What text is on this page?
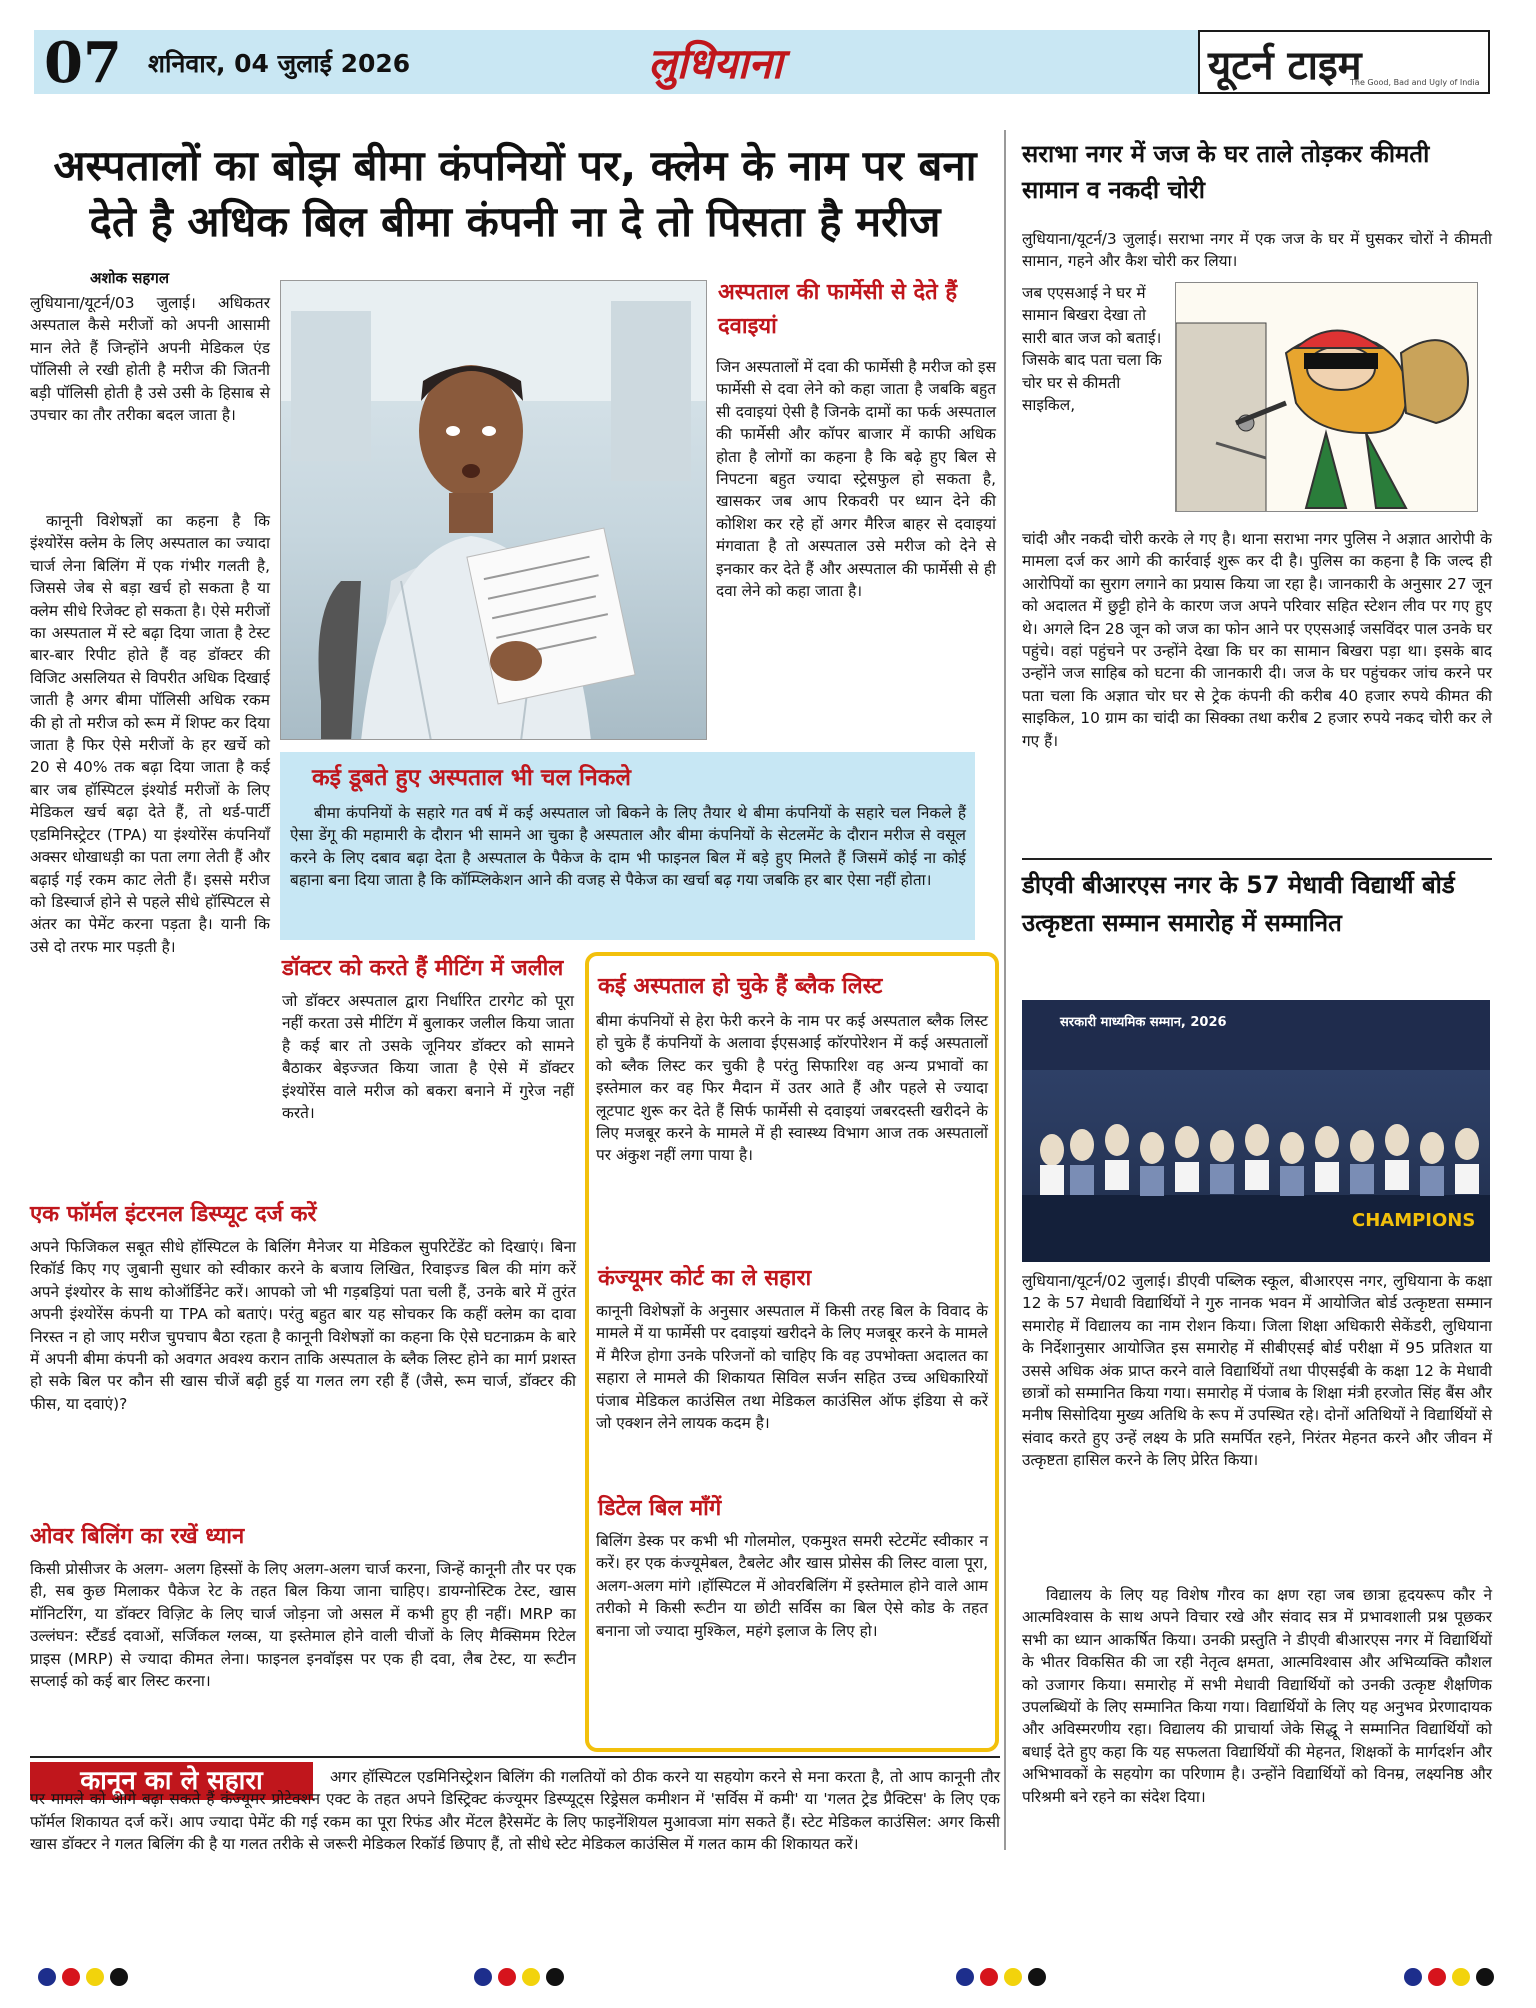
07 शनिवार, 04 जुलाई 2026	लुधियाना	यूटर्न टाइम
The Good, Bad and Ugly of India
अस्पतालों का बोझ बीमा कंपनियों पर, क्लेम के नाम पर बना देते है अधिक बिल बीमा कंपनी ना दे तो पिसता है मरीज
अशोक सहगल
लुधियाना/यूटर्न/03 जुलाई। अधिकतर अस्पताल कैसे मरीजों को अपनी आसामी मान लेते हैं जिन्होंने अपनी मेडिकल एंड पॉलिसी ले रखी होती है मरीज की जितनी बड़ी पॉलिसी होती है उसे उसी के हिसाब से उपचार का तौर तरीका बदल जाता है।
कानूनी विशेषज्ञों का कहना है कि इंश्योरेंस क्लेम के लिए अस्पताल का ज्यादा चार्ज लेना बिलिंग में एक गंभीर गलती है, जिससे जेब से बड़ा खर्च हो सकता है या क्लेम सीधे रिजेक्ट हो सकता है। ऐसे मरीजों का अस्पताल में स्टे बढ़ा दिया जाता है टेस्ट बार-बार रिपीट होते हैं वह डॉक्टर की विजिट असलियत से विपरीत अधिक दिखाई जाती है अगर बीमा पॉलिसी अधिक रकम की हो तो मरीज को रूम में शिफ्ट कर दिया जाता है फिर ऐसे मरीजों के हर खर्चे को 20 से 40% तक बढ़ा दिया जाता है कई बार जब हॉस्पिटल इंश्योर्ड मरीजों के लिए मेडिकल खर्च बढ़ा देते हैं, तो थर्ड-पार्टी एडमिनिस्ट्रेटर (TPA) या इंश्योरेंस कंपनियाँ अक्सर धोखाधड़ी का पता लगा लेती हैं और बढ़ाई गई रकम काट लेती हैं। इससे मरीज को डिस्चार्ज होने से पहले सीधे हॉस्पिटल से अंतर का पेमेंट करना पड़ता है। यानी कि उसे दो तरफ मार पड़ती है।
अस्पताल की फार्मेसी से देते हैं दवाइयां
जिन अस्पतालों में दवा की फार्मेसी है मरीज को इस फार्मेसी से दवा लेने को कहा जाता है जबकि बहुत सी दवाइयां ऐसी है जिनके दामों का फर्क अस्पताल की फार्मेसी और कॉपर बाजार में काफी अधिक होता है लोगों का कहना है कि बढ़े हुए बिल से निपटना बहुत ज्यादा स्ट्रेसफुल हो सकता है, खासकर जब आप रिकवरी पर ध्यान देने की कोशिश कर रहे हों अगर मैरिज बाहर से दवाइयां मंगवाता है तो अस्पताल उसे मरीज को देने से इनकार कर देते हैं और अस्पताल की फार्मेसी से ही दवा लेने को कहा जाता है।
कई डूबते हुए अस्पताल भी चल निकले
बीमा कंपनियों के सहारे गत वर्ष में कई अस्पताल जो बिकने के लिए तैयार थे बीमा कंपनियों के सहारे चल निकले हैं ऐसा डेंगू की महामारी के दौरान भी सामने आ चुका है अस्पताल और बीमा कंपनियों के सेटलमेंट के दौरान मरीज से वसूल करने के लिए दबाव बढ़ा देता है अस्पताल के पैकेज के दाम भी फाइनल बिल में बड़े हुए मिलते हैं जिसमें कोई ना कोई बहाना बना दिया जाता है कि कॉम्प्लिकेशन आने की वजह से पैकेज का खर्चा बढ़ गया जबकि हर बार ऐसा नहीं होता।
डॉक्टर को करते हैं मीटिंग में जलील
जो डॉक्टर अस्पताल द्वारा निर्धारित टारगेट को पूरा नहीं करता उसे मीटिंग में बुलाकर जलील किया जाता है कई बार तो उसके जूनियर डॉक्टर को सामने बैठाकर बेइज्जत किया जाता है ऐसे में डॉक्टर इंश्योरेंस वाले मरीज को बकरा बनाने में गुरेज नहीं करते।
कई अस्पताल हो चुके हैं ब्लैक लिस्ट
बीमा कंपनियों से हेरा फेरी करने के नाम पर कई अस्पताल ब्लैक लिस्ट हो चुके हैं कंपनियों के अलावा ईएसआई कॉरपोरेशन में कई अस्पतालों को ब्लैक लिस्ट कर चुकी है परंतु सिफारिश वह अन्य प्रभावों का इस्तेमाल कर वह फिर मैदान में उतर आते हैं और पहले से ज्यादा लूटपाट शुरू कर देते हैं सिर्फ फार्मेसी से दवाइयां जबरदस्ती खरीदने के लिए मजबूर करने के मामले में ही स्वास्थ्य विभाग आज तक अस्पतालों पर अंकुश नहीं लगा पाया है।
कंज्यूमर कोर्ट का ले सहारा
कानूनी विशेषज्ञों के अनुसार अस्पताल में किसी तरह बिल के विवाद के मामले में या फार्मेसी पर दवाइयां खरीदने के लिए मजबूर करने के मामले में मैरिज होगा उनके परिजनों को चाहिए कि वह उपभोक्ता अदालत का सहारा ले मामले की शिकायत सिविल सर्जन सहित उच्च अधिकारियों पंजाब मेडिकल काउंसिल तथा मेडिकल काउंसिल ऑफ इंडिया से करें जो एक्शन लेने लायक कदम है।
डिटेल बिल माँगें
बिलिंग डेस्क पर कभी भी गोलमोल, एकमुश्त समरी स्टेटमेंट स्वीकार न करें। हर एक कंज्यूमेबल, टैबलेट और खास प्रोसेस की लिस्ट वाला पूरा, अलग-अलग मांगे ।हॉस्पिटल में ओवरबिलिंग में इस्तेमाल होने वाले आम तरीको मे किसी रूटीन या छोटी सर्विस का बिल ऐसे कोड के तहत बनाना जो ज्यादा मुश्किल, महंगे इलाज के लिए हो।
एक फॉर्मल इंटरनल डिस्प्यूट दर्ज करें
अपने फिजिकल सबूत सीधे हॉस्पिटल के बिलिंग मैनेजर या मेडिकल सुपरिटेंडेंट को दिखाएं। बिना रिकॉर्ड किए गए जुबानी सुधार को स्वीकार करने के बजाय लिखित, रिवाइज्ड बिल की मांग करें अपने इंश्योरर के साथ कोऑर्डिनेट करें। आपको जो भी गड़बड़ियां पता चली हैं, उनके बारे में तुरंत अपनी इंश्योरेंस कंपनी या TPA को बताएं। परंतु बहुत बार यह सोचकर कि कहीं क्लेम का दावा निरस्त न हो जाए मरीज चुपचाप बैठा रहता है कानूनी विशेषज्ञों का कहना कि ऐसे घटनाक्रम के बारे में अपनी बीमा कंपनी को अवगत अवश्य करान ताकि अस्पताल के ब्लैक लिस्ट होने का मार्ग प्रशस्त हो सके बिल पर कौन सी खास चीजें बढ़ी हुई या गलत लग रही हैं (जैसे, रूम चार्ज, डॉक्टर की फीस, या दवाएं)?
ओवर बिलिंग का रखें ध्यान
किसी प्रोसीजर के अलग- अलग हिस्सों के लिए अलग-अलग चार्ज करना, जिन्हें कानूनी तौर पर एक ही, सब कुछ मिलाकर पैकेज रेट के तहत बिल किया जाना चाहिए। डायग्नोस्टिक टेस्ट, खास मॉनिटरिंग, या डॉक्टर विज़िट के लिए चार्ज जोड़ना जो असल में कभी हुए ही नहीं। MRP का उल्लंघन: स्टैंडर्ड दवाओं, सर्जिकल ग्लव्स, या इस्तेमाल होने वाली चीजों के लिए मैक्सिमम रिटेल प्राइस (MRP) से ज्यादा कीमत लेना। फाइनल इनवॉइस पर एक ही दवा, लैब टेस्ट, या रूटीन सप्लाई को कई बार लिस्ट करना।
कानून का ले सहारा	अगर हॉस्पिटल एडमिनिस्ट्रेशन बिलिंग की गलतियों को ठीक करने या सहयोग करने से मना करता है, तो आप कानूनी तौर पर मामले को आगे बढ़ा सकते हैं कंज्यूमर प्रोटेक्शन एक्ट के तहत अपने डिस्ट्रिक्ट कंज्यूमर डिस्प्यूट्स रिड्रेसल कमीशन में 'सर्विस में कमी' या 'गलत ट्रेड प्रैक्टिस' के लिए एक फॉर्मल शिकायत दर्ज करें। आप ज्यादा पेमेंट की गई रकम का पूरा रिफंड और मेंटल हैरेसमेंट के लिए फाइनेंशियल मुआवजा मांग सकते हैं। स्टेट मेडिकल काउंसिल: अगर किसी खास डॉक्टर ने गलत बिलिंग की है या गलत तरीके से जरूरी मेडिकल रिकॉर्ड छिपाए हैं, तो सीधे स्टेट मेडिकल काउंसिल में गलत काम की शिकायत करें।
सराभा नगर में जज के घर ताले तोड़कर कीमती सामान व नकदी चोरी
लुधियाना/यूटर्न/3 जुलाई। सराभा नगर में एक जज के घर में घुसकर चोरों ने कीमती सामान, गहने और कैश चोरी कर लिया।
जब एएसआई ने घर में सामान बिखरा देखा तो सारी बात जज को बताई। जिसके बाद पता चला कि चोर घर से कीमती साइकिल,
चांदी और नकदी चोरी करके ले गए है। थाना सराभा नगर पुलिस ने अज्ञात आरोपी के मामला दर्ज कर आगे की कार्रवाई शुरू कर दी है। पुलिस का कहना है कि जल्द ही आरोपियों का सुराग लगाने का प्रयास किया जा रहा है। जानकारी के अनुसार 27 जून को अदालत में छुट्टी होने के कारण जज अपने परिवार सहित स्टेशन लीव पर गए हुए थे। अगले दिन 28 जून को जज का फोन आने पर एएसआई जसविंदर पाल उनके घर पहुंचे। वहां पहुंचने पर उन्होंने देखा कि घर का सामान बिखरा पड़ा था। इसके बाद उन्होंने जज साहिब को घटना की जानकारी दी। जज के घर पहुंचकर जांच करने पर पता चला कि अज्ञात चोर घर से ट्रेक कंपनी की करीब 40 हजार रुपये कीमत की साइकिल, 10 ग्राम का चांदी का सिक्का तथा करीब 2 हजार रुपये नकद चोरी कर ले गए हैं।
डीएवी बीआरएस नगर के 57 मेधावी विद्यार्थी बोर्ड उत्कृष्टता सम्मान समारोह में सम्मानित
सरकारी माध्यमिक सम्मान, 2026
CHAMPIONS
लुधियाना/यूटर्न/02 जुलाई। डीएवी पब्लिक स्कूल, बीआरएस नगर, लुधियाना के कक्षा 12 के 57 मेधावी विद्यार्थियों ने गुरु नानक भवन में आयोजित बोर्ड उत्कृष्टता सम्मान समारोह में विद्यालय का नाम रोशन किया। जिला शिक्षा अधिकारी सेकेंडरी, लुधियाना के निर्देशानुसार आयोजित इस समारोह में सीबीएसई बोर्ड परीक्षा में 95 प्रतिशत या उससे अधिक अंक प्राप्त करने वाले विद्यार्थियों तथा पीएसईबी के कक्षा 12 के मेधावी छात्रों को सम्मानित किया गया। समारोह में पंजाब के शिक्षा मंत्री हरजोत सिंह बैंस और मनीष सिसोदिया मुख्य अतिथि के रूप में उपस्थित रहे। दोनों अतिथियों ने विद्यार्थियों से संवाद करते हुए उन्हें लक्ष्य के प्रति समर्पित रहने, निरंतर मेहनत करने और जीवन में उत्कृष्टता हासिल करने के लिए प्रेरित किया।
विद्यालय के लिए यह विशेष गौरव का क्षण रहा जब छात्रा हृदयरूप कौर ने आत्मविश्वास के साथ अपने विचार रखे और संवाद सत्र में प्रभावशाली प्रश्न पूछकर सभी का ध्यान आकर्षित किया। उनकी प्रस्तुति ने डीएवी बीआरएस नगर में विद्यार्थियों के भीतर विकसित की जा रही नेतृत्व क्षमता, आत्मविश्वास और अभिव्यक्ति कौशल को उजागर किया। समारोह में सभी मेधावी विद्यार्थियों को उनकी उत्कृष्ट शैक्षणिक उपलब्धियों के लिए सम्मानित किया गया। विद्यार्थियों के लिए यह अनुभव प्रेरणादायक और अविस्मरणीय रहा। विद्यालय की प्राचार्या जेके सिद्धू ने सम्मानित विद्यार्थियों को बधाई देते हुए कहा कि यह सफलता विद्यार्थियों की मेहनत, शिक्षकों के मार्गदर्शन और अभिभावकों के सहयोग का परिणाम है। उन्होंने विद्यार्थियों को विनम्र, लक्ष्यनिष्ठ और परिश्रमी बने रहने का संदेश दिया।
